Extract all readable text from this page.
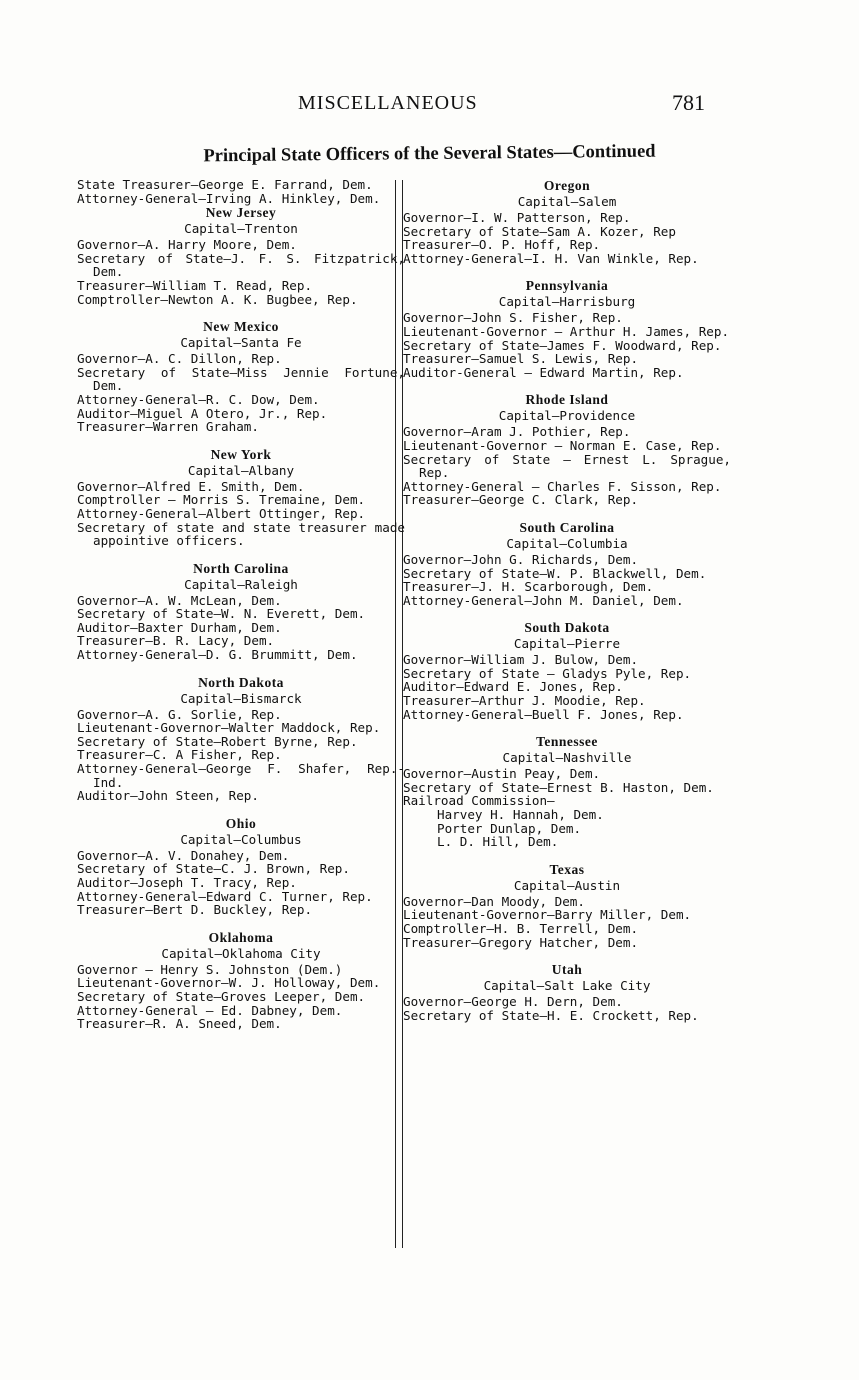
MISCELLANEOUS	781
Principal State Officers of the Several States—Continued
State Treasurer—George E. Farrand, Dem.
Attorney-General—Irving A. Hinkley, Dem.
New Jersey
Capital—Trenton
Governor—A. Harry Moore, Dem.
Secretary of State—J. F. S. Fitzpatrick, Dem.
Treasurer—William T. Read, Rep.
Comptroller—Newton A. K. Bugbee, Rep.
New Mexico
Capital—Santa Fe
Governor—A. C. Dillon, Rep.
Secretary of State—Miss Jennie Fortune, Dem.
Attorney-General—R. C. Dow, Dem.
Auditor—Miguel A Otero, Jr., Rep.
Treasurer—Warren Graham.
New York
Capital—Albany
Governor—Alfred E. Smith, Dem.
Comptroller — Morris S. Tremaine, Dem.
Attorney-General—Albert Ottinger, Rep.
Secretary of state and state treasurer made appointive officers.
North Carolina
Capital—Raleigh
Governor—A. W. McLean, Dem.
Secretary of State—W. N. Everett, Dem.
Auditor—Baxter Durham, Dem.
Treasurer—B. R. Lacy, Dem.
Attorney-General—D. G. Brummitt, Dem.
North Dakota
Capital—Bismarck
Governor—A. G. Sorlie, Rep.
Lieutenant-Governor—Walter Maddock, Rep.
Secretary of State—Robert Byrne, Rep.
Treasurer—C. A Fisher, Rep.
Attorney-General—George F. Shafer, Rep.-Ind.
Auditor—John Steen, Rep.
Ohio
Capital—Columbus
Governor—A. V. Donahey, Dem.
Secretary of State—C. J. Brown, Rep.
Auditor—Joseph T. Tracy, Rep.
Attorney-General—Edward C. Turner, Rep.
Treasurer—Bert D. Buckley, Rep.
Oklahoma
Capital—Oklahoma City
Governor — Henry S. Johnston (Dem.)
Lieutenant-Governor—W. J. Holloway, Dem.
Secretary of State—Groves Leeper, Dem.
Attorney-General — Ed. Dabney, Dem.
Treasurer—R. A. Sneed, Dem.
Oregon
Capital—Salem
Governor—I. W. Patterson, Rep.
Secretary of State—Sam A. Kozer, Rep
Treasurer—O. P. Hoff, Rep.
Attorney-General—I. H. Van Winkle, Rep.
Pennsylvania
Capital—Harrisburg
Governor—John S. Fisher, Rep.
Lieutenant-Governor — Arthur H. James, Rep.
Secretary of State—James F. Woodward, Rep.
Treasurer—Samuel S. Lewis, Rep.
Auditor-General — Edward Martin, Rep.
Rhode Island
Capital—Providence
Governor—Aram J. Pothier, Rep.
Lieutenant-Governor — Norman E. Case, Rep.
Secretary of State — Ernest L. Sprague, Rep.
Attorney-General — Charles F. Sisson, Rep.
Treasurer—George C. Clark, Rep.
South Carolina
Capital—Columbia
Governor—John G. Richards, Dem.
Secretary of State—W. P. Blackwell, Dem.
Treasurer—J. H. Scarborough, Dem.
Attorney-General—John M. Daniel, Dem.
South Dakota
Capital—Pierre
Governor—William J. Bulow, Dem.
Secretary of State — Gladys Pyle, Rep.
Auditor—Edward E. Jones, Rep.
Treasurer—Arthur J. Moodie, Rep.
Attorney-General—Buell F. Jones, Rep.
Tennessee
Capital—Nashville
Governor—Austin Peay, Dem.
Secretary of State—Ernest B. Haston, Dem.
Railroad Commission—
Harvey H. Hannah, Dem.
Porter Dunlap, Dem.
L. D. Hill, Dem.
Texas
Capital—Austin
Governor—Dan Moody, Dem.
Lieutenant-Governor—Barry Miller, Dem.
Comptroller—H. B. Terrell, Dem.
Treasurer—Gregory Hatcher, Dem.
Utah
Capital—Salt Lake City
Governor—George H. Dern, Dem.
Secretary of State—H. E. Crockett, Rep.
